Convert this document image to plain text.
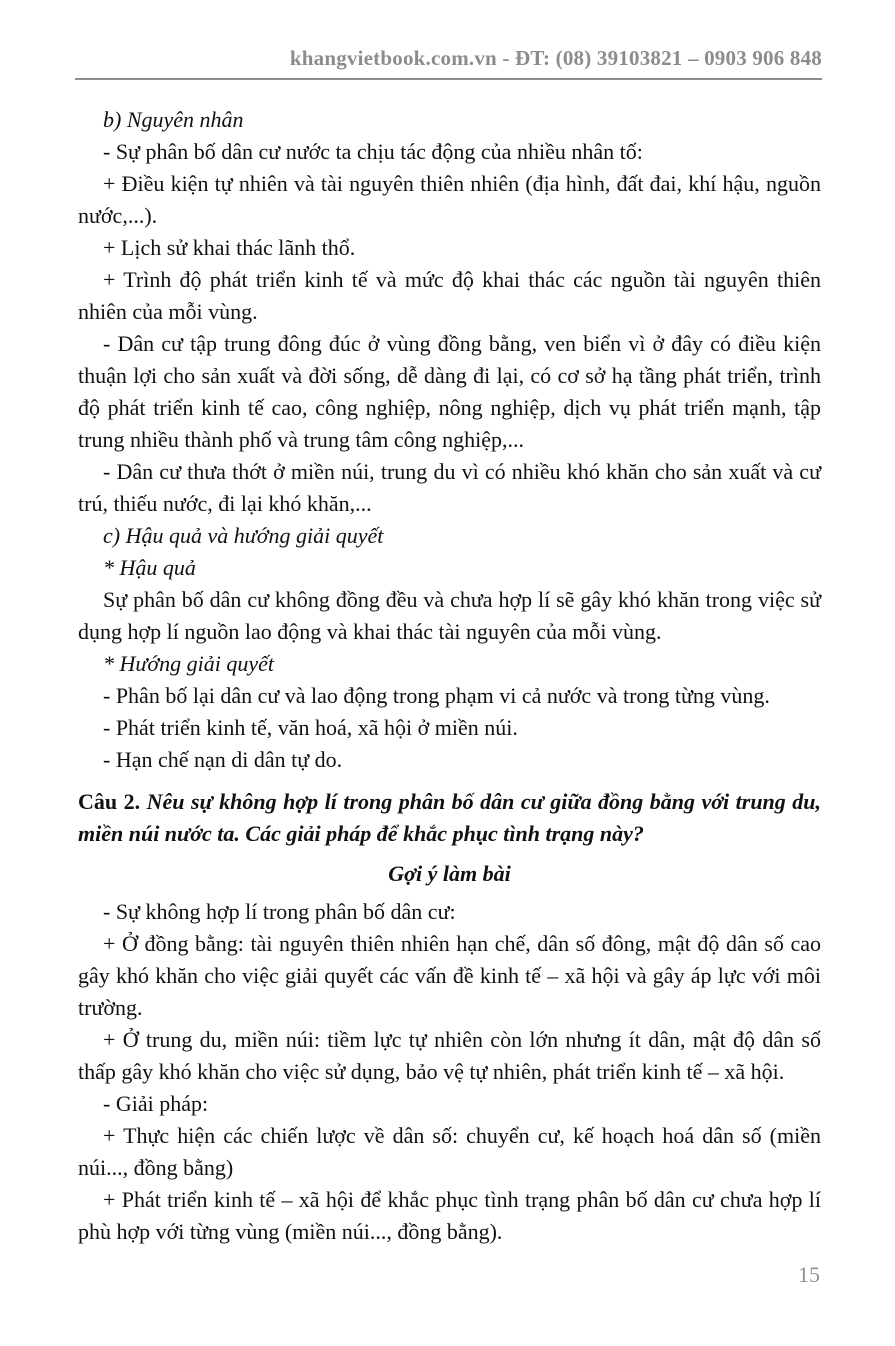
khangvietbook.com.vn - ĐT: (08) 39103821 – 0903 906 848

b) Nguyên nhân

- Sự phân bố dân cư nước ta chịu tác động của nhiều nhân tố:

+ Điều kiện tự nhiên và tài nguyên thiên nhiên (địa hình, đất đai, khí hậu, nguồn nước,...).

+ Lịch sử khai thác lãnh thổ.

+ Trình độ phát triển kinh tế và mức độ khai thác các nguồn tài nguyên thiên nhiên của mỗi vùng.

- Dân cư tập trung đông đúc ở vùng đồng bằng, ven biển vì ở đây có điều kiện thuận lợi cho sản xuất và đời sống, dễ dàng đi lại, có cơ sở hạ tầng phát triển, trình độ phát triển kinh tế cao, công nghiệp, nông nghiệp, dịch vụ phát triển mạnh, tập trung nhiều thành phố và trung tâm công nghiệp,...

- Dân cư thưa thớt ở miền núi, trung du vì có nhiều khó khăn cho sản xuất và cư trú, thiếu nước, đi lại khó khăn,...

c) Hậu quả và hướng giải quyết

* Hậu quả

Sự phân bố dân cư không đồng đều và chưa hợp lí sẽ gây khó khăn trong việc sử dụng hợp lí nguồn lao động và khai thác tài nguyên của mỗi vùng.

* Hướng giải quyết

- Phân bố lại dân cư và lao động trong phạm vi cả nước và trong từng vùng.

- Phát triển kinh tế, văn hoá, xã hội ở miền núi.

- Hạn chế nạn di dân tự do.

Câu 2. Nêu sự không hợp lí trong phân bố dân cư giữa đồng bằng với trung du, miền núi nước ta. Các giải pháp để khắc phục tình trạng này?

Gợi ý làm bài

- Sự không hợp lí trong phân bố dân cư:

+ Ở đồng bằng: tài nguyên thiên nhiên hạn chế, dân số đông, mật độ dân số cao gây khó khăn cho việc giải quyết các vấn đề kinh tế – xã hội và gây áp lực với môi trường.

+ Ở trung du, miền núi: tiềm lực tự nhiên còn lớn nhưng ít dân, mật độ dân số thấp gây khó khăn cho việc sử dụng, bảo vệ tự nhiên, phát triển kinh tế – xã hội.

- Giải pháp:

+ Thực hiện các chiến lược về dân số: chuyển cư, kế hoạch hoá dân số (miền núi..., đồng bằng)

+ Phát triển kinh tế – xã hội để khắc phục tình trạng phân bố dân cư chưa hợp lí phù hợp với từng vùng (miền núi..., đồng bằng).

15
